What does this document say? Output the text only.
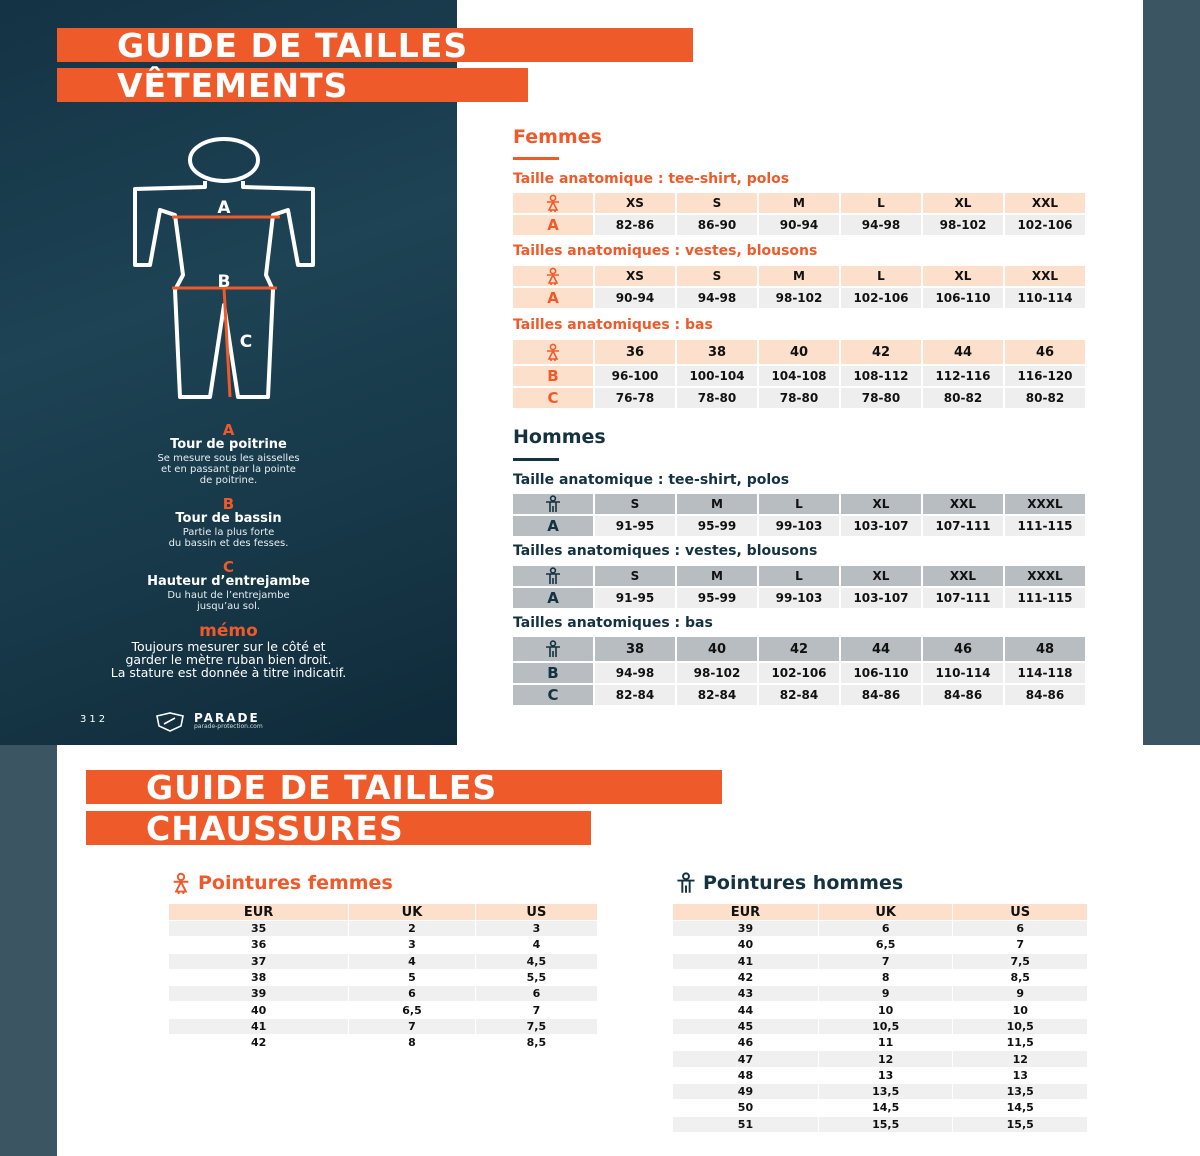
GUIDE DE TAILLES
VÊTEMENTS
GUIDE DE TAILLES
CHAUSSURES
A
B
C
A
Tour de poitrine
Se mesure sous les aisselles
et en passant par la pointe
de poitrine.
B
Tour de bassin
Partie la plus forte
du bassin et des fesses.
C
Hauteur d’entrejambe
Du haut de l’entrejambe
jusqu’au sol.
mémo
Toujours mesurer sur le côté et
garder le mètre ruban bien droit.
La stature est donnée à titre indicatif.
312	PARADE
parade-protection.com
Femmes
Taille anatomique : tee-shirt, polos
	XS	S	M	L	XL	XXL
A	82-86	86-90	90-94	94-98	98-102	102-106
Tailles anatomiques : vestes, blousons
	XS	S	M	L	XL	XXL
A	90-94	94-98	98-102	102-106	106-110	110-114
Tailles anatomiques : bas
	36	38	40	42	44	46
B	96-100	100-104	104-108	108-112	112-116	116-120
C	76-78	78-80	78-80	78-80	80-82	80-82
Hommes
Taille anatomique : tee-shirt, polos
	S	M	L	XL	XXL	XXXL
A	91-95	95-99	99-103	103-107	107-111	111-115
Tailles anatomiques : vestes, blousons
	S	M	L	XL	XXL	XXXL
A	91-95	95-99	99-103	103-107	107-111	111-115
Tailles anatomiques : bas
	38	40	42	44	46	48
B	94-98	98-102	102-106	106-110	110-114	114-118
C	82-84	82-84	82-84	84-86	84-86	84-86
Pointures femmes
EUR	UK	US
35	2	3
36	3	4
37	4	4,5
38	5	5,5
39	6	6
40	6,5	7
41	7	7,5
42	8	8,5
Pointures hommes
EUR	UK	US
39	6	6
40	6,5	7
41	7	7,5
42	8	8,5
43	9	9
44	10	10
45	10,5	10,5
46	11	11,5
47	12	12
48	13	13
49	13,5	13,5
50	14,5	14,5
51	15,5	15,5
